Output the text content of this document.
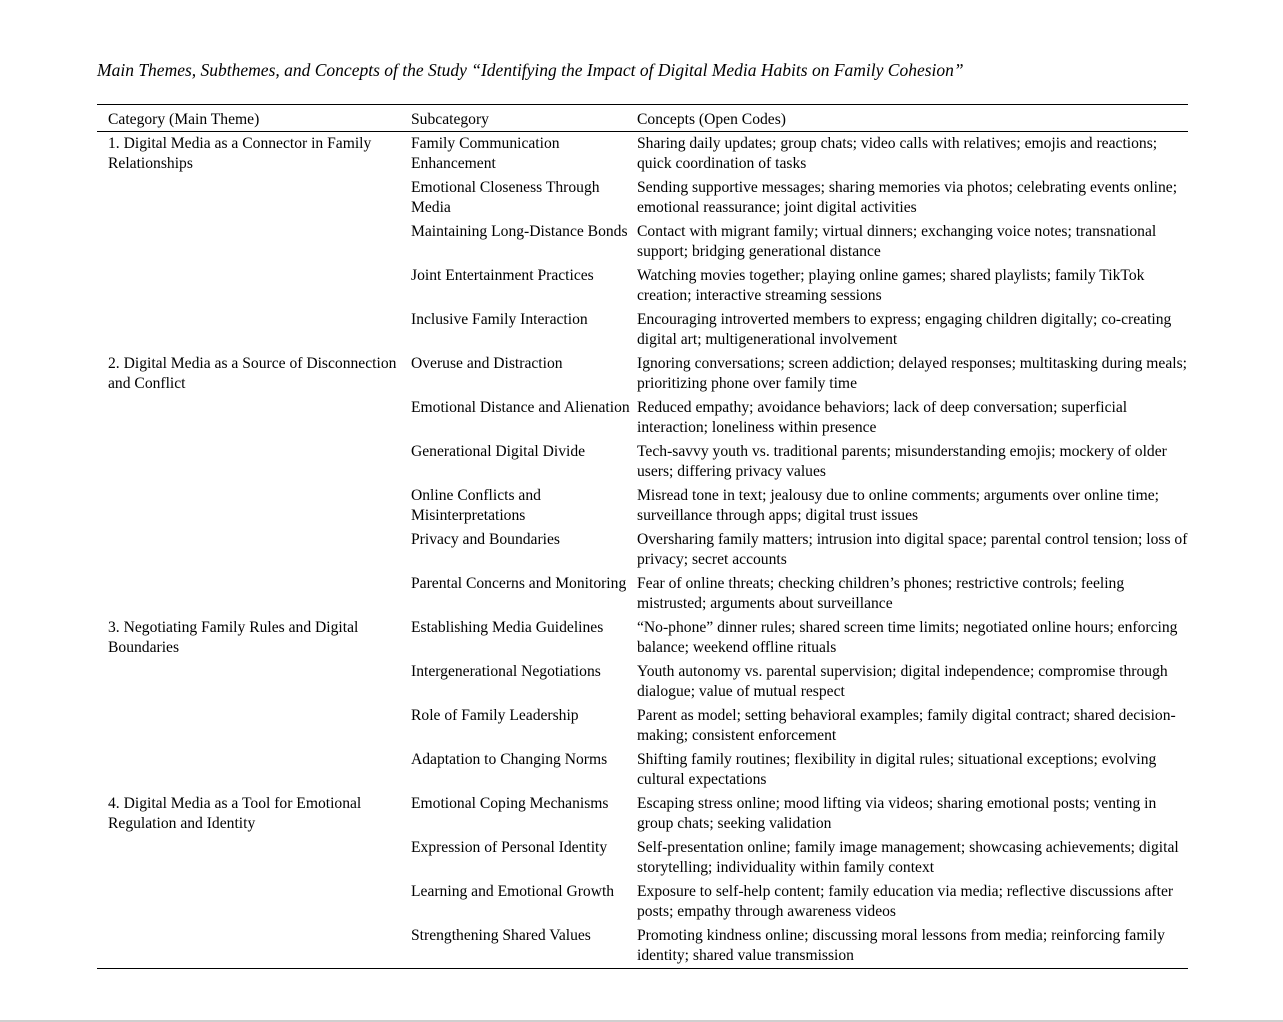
Main Themes, Subthemes, and Concepts of the Study “Identifying the Impact of Digital Media Habits on Family Cohesion”
Category (Main Theme)	Subcategory	Concepts (Open Codes)
1. Digital Media as a Connector in Family Relationships	Family Communication Enhancement	Sharing daily updates; group chats; video calls with relatives; emojis and reactions; quick coordination of tasks
	Emotional Closeness Through Media	Sending supportive messages; sharing memories via photos; celebrating events online; emotional reassurance; joint digital activities
	Maintaining Long-Distance Bonds	Contact with migrant family; virtual dinners; exchanging voice notes; transnational support; bridging generational distance
	Joint Entertainment Practices	Watching movies together; playing online games; shared playlists; family TikTok creation; interactive streaming sessions
	Inclusive Family Interaction	Encouraging introverted members to express; engaging children digitally; co-creating digital art; multigenerational involvement
2. Digital Media as a Source of Disconnection and Conflict	Overuse and Distraction	Ignoring conversations; screen addiction; delayed responses; multitasking during meals; prioritizing phone over family time
	Emotional Distance and Alienation	Reduced empathy; avoidance behaviors; lack of deep conversation; superficial interaction; loneliness within presence
	Generational Digital Divide	Tech-savvy youth vs. traditional parents; misunderstanding emojis; mockery of older users; differing privacy values
	Online Conflicts and Misinterpretations	Misread tone in text; jealousy due to online comments; arguments over online time; surveillance through apps; digital trust issues
	Privacy and Boundaries	Oversharing family matters; intrusion into digital space; parental control tension; loss of privacy; secret accounts
	Parental Concerns and Monitoring	Fear of online threats; checking children’s phones; restrictive controls; feeling mistrusted; arguments about surveillance
3. Negotiating Family Rules and Digital Boundaries	Establishing Media Guidelines	“No-phone” dinner rules; shared screen time limits; negotiated online hours; enforcing balance; weekend offline rituals
	Intergenerational Negotiations	Youth autonomy vs. parental supervision; digital independence; compromise through dialogue; value of mutual respect
	Role of Family Leadership	Parent as model; setting behavioral examples; family digital contract; shared decision-making; consistent enforcement
	Adaptation to Changing Norms	Shifting family routines; flexibility in digital rules; situational exceptions; evolving cultural expectations
4. Digital Media as a Tool for Emotional Regulation and Identity	Emotional Coping Mechanisms	Escaping stress online; mood lifting via videos; sharing emotional posts; venting in group chats; seeking validation
	Expression of Personal Identity	Self-presentation online; family image management; showcasing achievements; digital storytelling; individuality within family context
	Learning and Emotional Growth	Exposure to self-help content; family education via media; reflective discussions after posts; empathy through awareness videos
	Strengthening Shared Values	Promoting kindness online; discussing moral lessons from media; reinforcing family identity; shared value transmission
